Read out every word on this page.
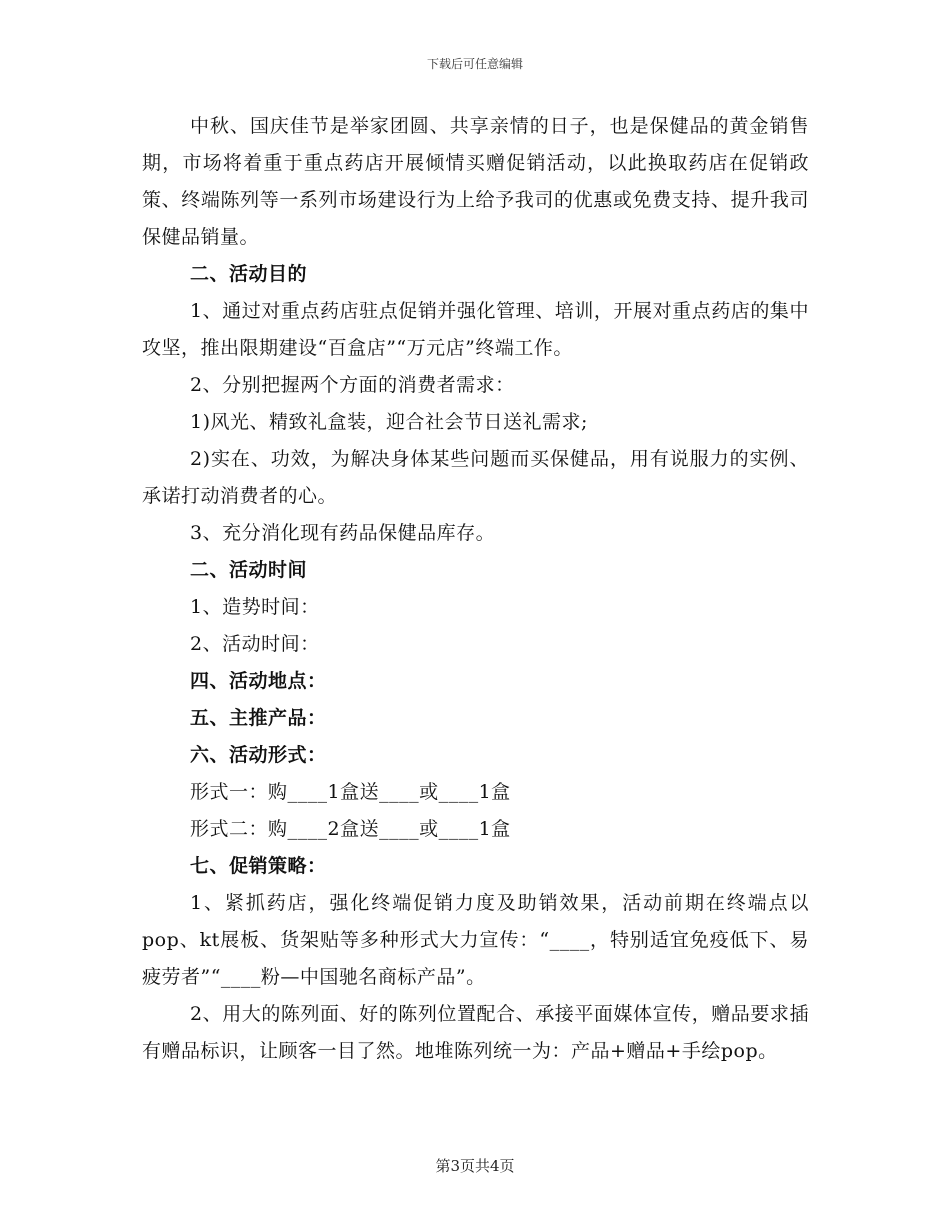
下载后可任意编辑

中秋、国庆佳节是举家团圆、共享亲情的日子，也是保健品的黄金销售期，市场将着重于重点药店开展倾情买赠促销活动，以此换取药店在促销政策、终端陈列等一系列市场建设行为上给予我司的优惠或免费支持、提升我司保健品销量。

二、活动目的

1、通过对重点药店驻点促销并强化管理、培训，开展对重点药店的集中攻坚，推出限期建设“百盒店”“万元店”终端工作。

2、分别把握两个方面的消费者需求：

1)风光、精致礼盒装，迎合社会节日送礼需求;

2)实在、功效，为解决身体某些问题而买保健品，用有说服力的实例、承诺打动消费者的心。

3、充分消化现有药品保健品库存。

二、活动时间

1、造势时间：

2、活动时间：

四、活动地点：

五、主推产品：

六、活动形式：

形式一：购____1盒送____或____1盒

形式二：购____2盒送____或____1盒

七、促销策略：

1、紧抓药店，强化终端促销力度及助销效果，活动前期在终端点以pop、kt展板、货架贴等多种形式大力宣传：“____，特别适宜免疫低下、易疲劳者”“____粉—中国驰名商标产品”。

2、用大的陈列面、好的陈列位置配合、承接平面媒体宣传，赠品要求插有赠品标识，让顾客一目了然。地堆陈列统一为：产品+赠品+手绘pop。

第3页共4页
